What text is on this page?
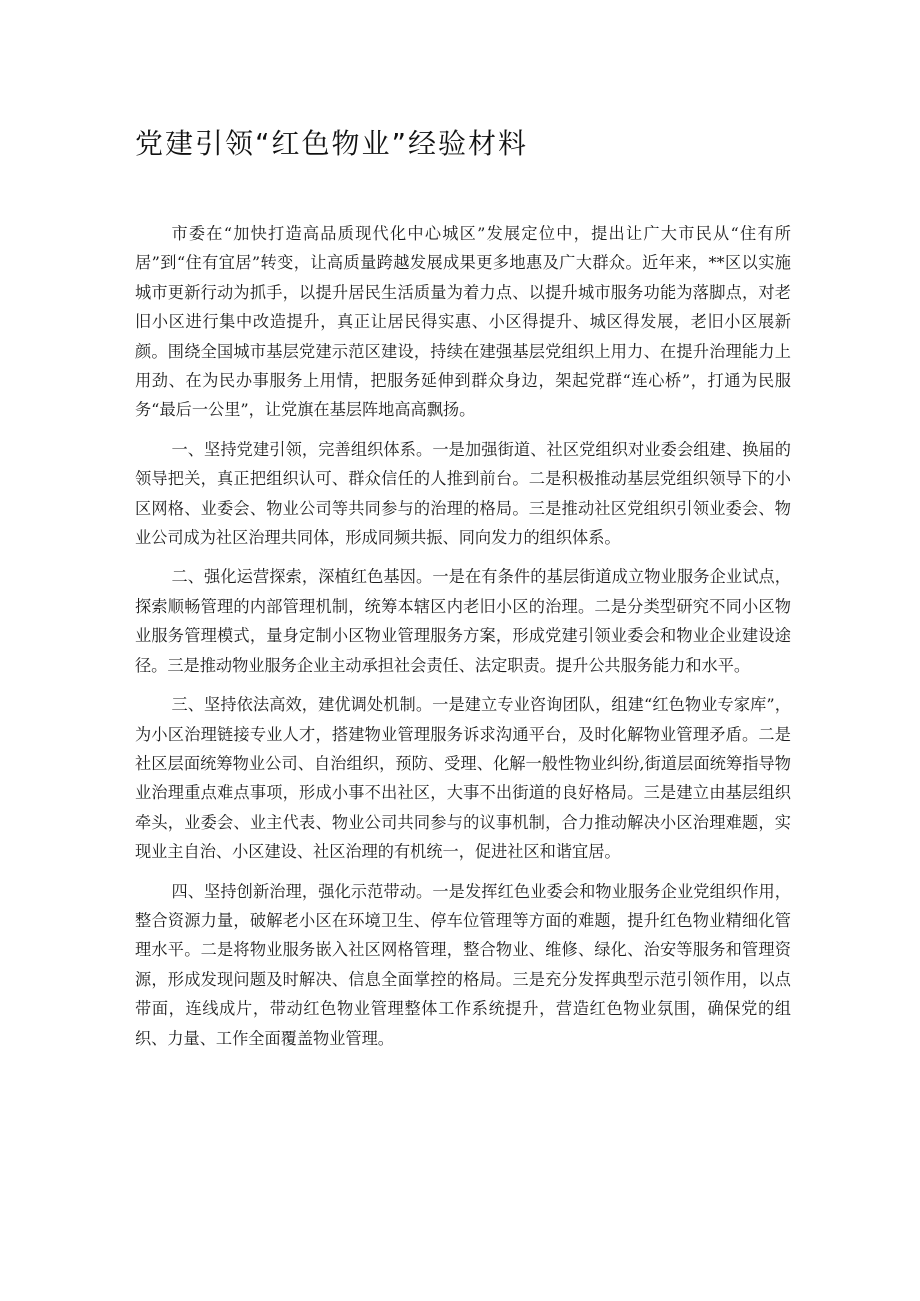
党建引领“红色物业”经验材料

市委在“加快打造高品质现代化中心城区”发展定位中，提出让广大市民从“住有所居”到“住有宜居”转变，让高质量跨越发展成果更多地惠及广大群众。近年来，**区以实施城市更新行动为抓手，以提升居民生活质量为着力点、以提升城市服务功能为落脚点，对老旧小区进行集中改造提升，真正让居民得实惠、小区得提升、城区得发展，老旧小区展新颜。围绕全国城市基层党建示范区建设，持续在建强基层党组织上用力、在提升治理能力上用劲、在为民办事服务上用情，把服务延伸到群众身边，架起党群“连心桥”，打通为民服务“最后一公里”，让党旗在基层阵地高高飘扬。

一、坚持党建引领，完善组织体系。一是加强街道、社区党组织对业委会组建、换届的领导把关，真正把组织认可、群众信任的人推到前台。二是积极推动基层党组织领导下的小区网格、业委会、物业公司等共同参与的治理的格局。三是推动社区党组织引领业委会、物业公司成为社区治理共同体，形成同频共振、同向发力的组织体系。

二、强化运营探索，深植红色基因。一是在有条件的基层街道成立物业服务企业试点，探索顺畅管理的内部管理机制，统筹本辖区内老旧小区的治理。二是分类型研究不同小区物业服务管理模式，量身定制小区物业管理服务方案，形成党建引领业委会和物业企业建设途径。三是推动物业服务企业主动承担社会责任、法定职责。提升公共服务能力和水平。

三、坚持依法高效，建优调处机制。一是建立专业咨询团队，组建“红色物业专家库”，为小区治理链接专业人才，搭建物业管理服务诉求沟通平台，及时化解物业管理矛盾。二是社区层面统筹物业公司、自治组织，预防、受理、化解一般性物业纠纷,街道层面统筹指导物业治理重点难点事项，形成小事不出社区，大事不出街道的良好格局。三是建立由基层组织牵头，业委会、业主代表、物业公司共同参与的议事机制，合力推动解决小区治理难题，实现业主自治、小区建设、社区治理的有机统一，促进社区和谐宜居。

四、坚持创新治理，强化示范带动。一是发挥红色业委会和物业服务企业党组织作用，整合资源力量，破解老小区在环境卫生、停车位管理等方面的难题，提升红色物业精细化管理水平。二是将物业服务嵌入社区网格管理，整合物业、维修、绿化、治安等服务和管理资源，形成发现问题及时解决、信息全面掌控的格局。三是充分发挥典型示范引领作用，以点带面，连线成片，带动红色物业管理整体工作系统提升，营造红色物业氛围，确保党的组织、力量、工作全面覆盖物业管理。
